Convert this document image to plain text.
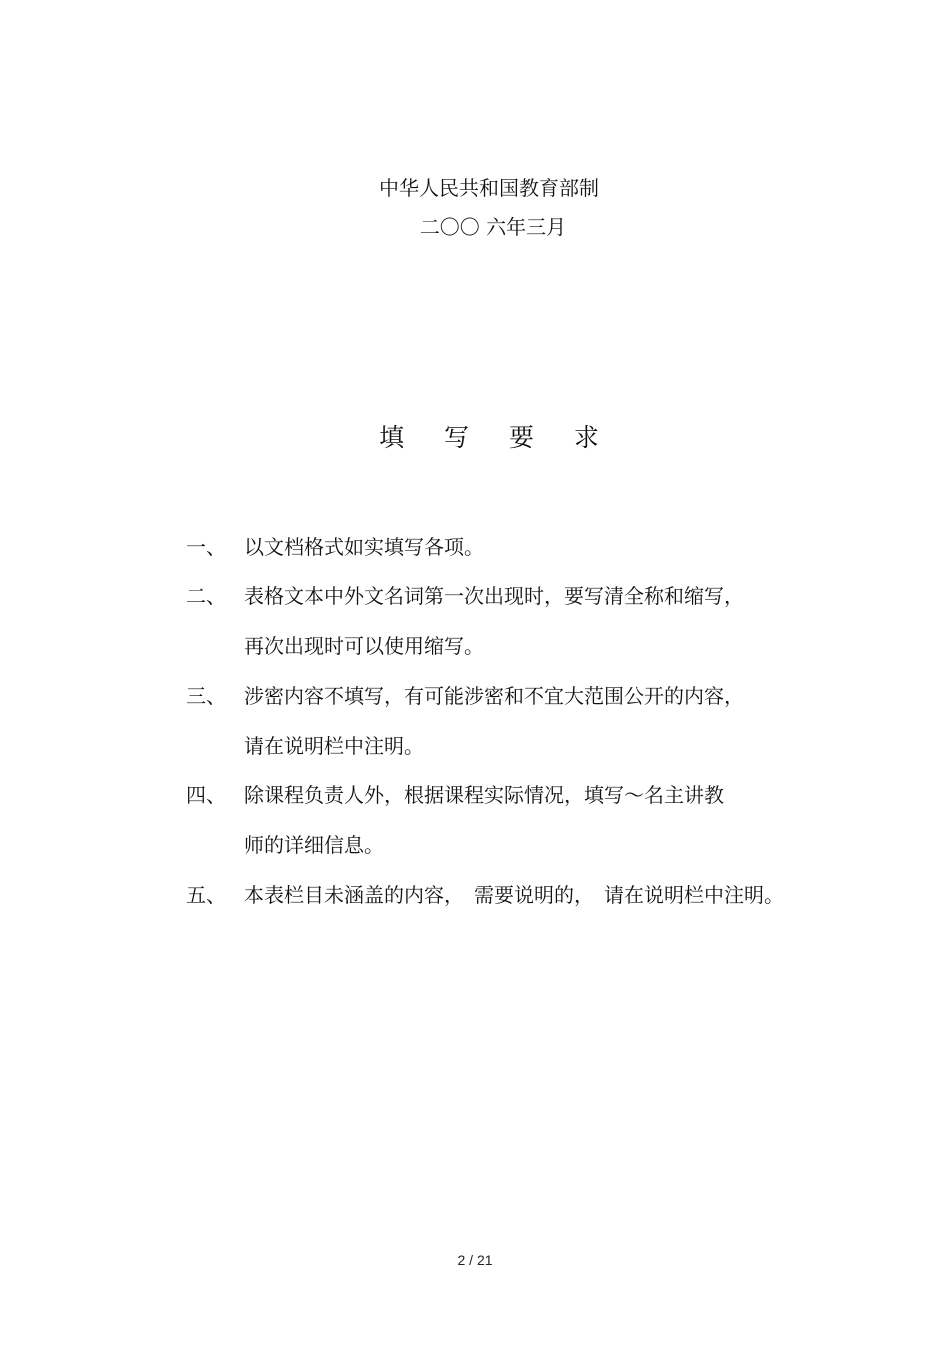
中华人民共和国教育部制
二〇〇 六年三月
填 写 要 求
一、 以文档格式如实填写各项。
二、 表格文本中外文名词第一次出现时，要写清全称和缩写，
再次出现时可以使用缩写。
三、 涉密内容不填写，有可能涉密和不宜大范围公开的内容，
请在说明栏中注明。
四、 除课程负责人外，根据课程实际情况，填写～名主讲教
师的详细信息。
五、 本表栏目未涵盖的内容，　需要说明的，　请在说明栏中注明。
2 / 21
